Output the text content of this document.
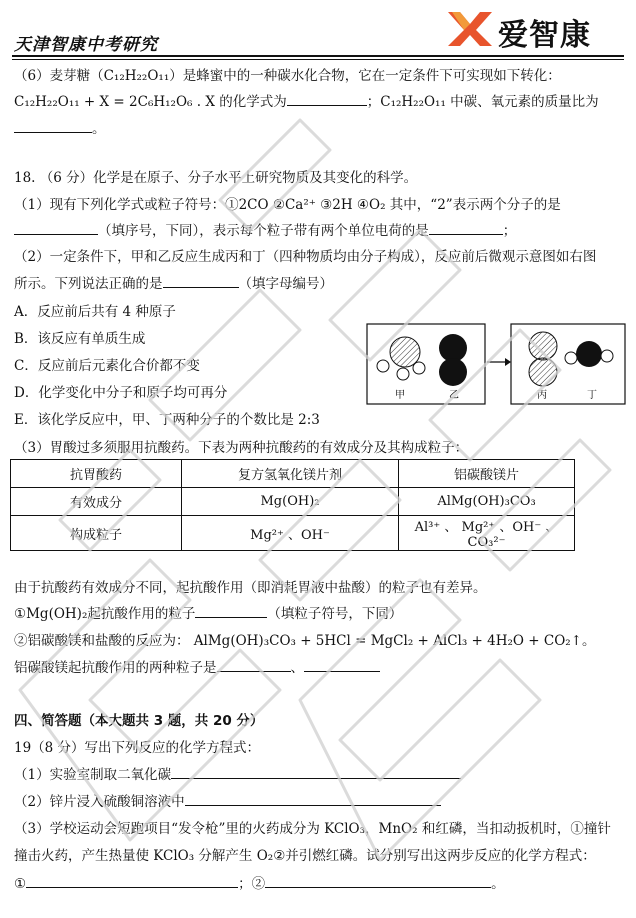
天津智康中考研究	爱智康
（6）麦芽糖（C₁₂H₂₂O₁₁）是蜂蜜中的一种碳水化合物，它在一定条件下可实现如下转化：
C₁₂H₂₂O₁₁ + X = 2C₆H₁₂O₆ . X 的化学式为	；C₁₂H₂₂O₁₁ 中碳、氧元素的质量比为
。
18. （6 分）化学是在原子、分子水平上研究物质及其变化的科学。
（1）现有下列化学式或粒子符号：①2CO ②Ca²⁺ ③2H ④O₂ 其中，“2”表示两个分子的是
（填序号，下同），表示每个粒子带有两个单位电荷的是	；
（2）一定条件下，甲和乙反应生成丙和丁（四种物质均由分子构成），反应前后微观示意图如右图
所示。下列说法正确的是	（填字母编号）
A．反应前后共有 4 种原子
B．该反应有单质生成
C．反应前后元素化合价都不变
D．化学变化中分子和原子均可再分
E．该化学反应中，甲、丁两种分子的个数比是 2:3
甲	乙	丙	丁
（3）胃酸过多须服用抗酸药。下表为两种抗酸药的有效成分及其构成粒子：
抗胃酸药	复方氢氧化镁片剂	铝碳酸镁片
有效成分	Mg(OH)₂	AlMg(OH)₃CO₃
构成粒子	Mg²⁺ 、OH⁻	Al³⁺ 、 Mg²⁺ 、OH⁻ 、 CO₃²⁻
由于抗酸药有效成分不同，起抗酸作用（即消耗胃液中盐酸）的粒子也有差异。
①Mg(OH)₂起抗酸作用的粒子	（填粒子符号，下同）
②铝碳酸镁和盐酸的反应为： AlMg(OH)₃CO₃ + 5HCl = MgCl₂ + AlCl₃ + 4H₂O + CO₂↑。
铝碳酸镁起抗酸作用的两种粒子是	、
四、简答题（本大题共 3 题，共 20 分）
19（8 分）写出下列反应的化学方程式：
（1）实验室制取二氧化碳
（2）锌片浸入硫酸铜溶液中
（3）学校运动会短跑项目“发令枪”里的火药成分为 KClO₃，MnO₂ 和红磷，当扣动扳机时，①撞针
撞击火药，产生热量使 KClO₃ 分解产生 O₂②并引燃红磷。试分别写出这两步反应的化学方程式：
①	；②	。
